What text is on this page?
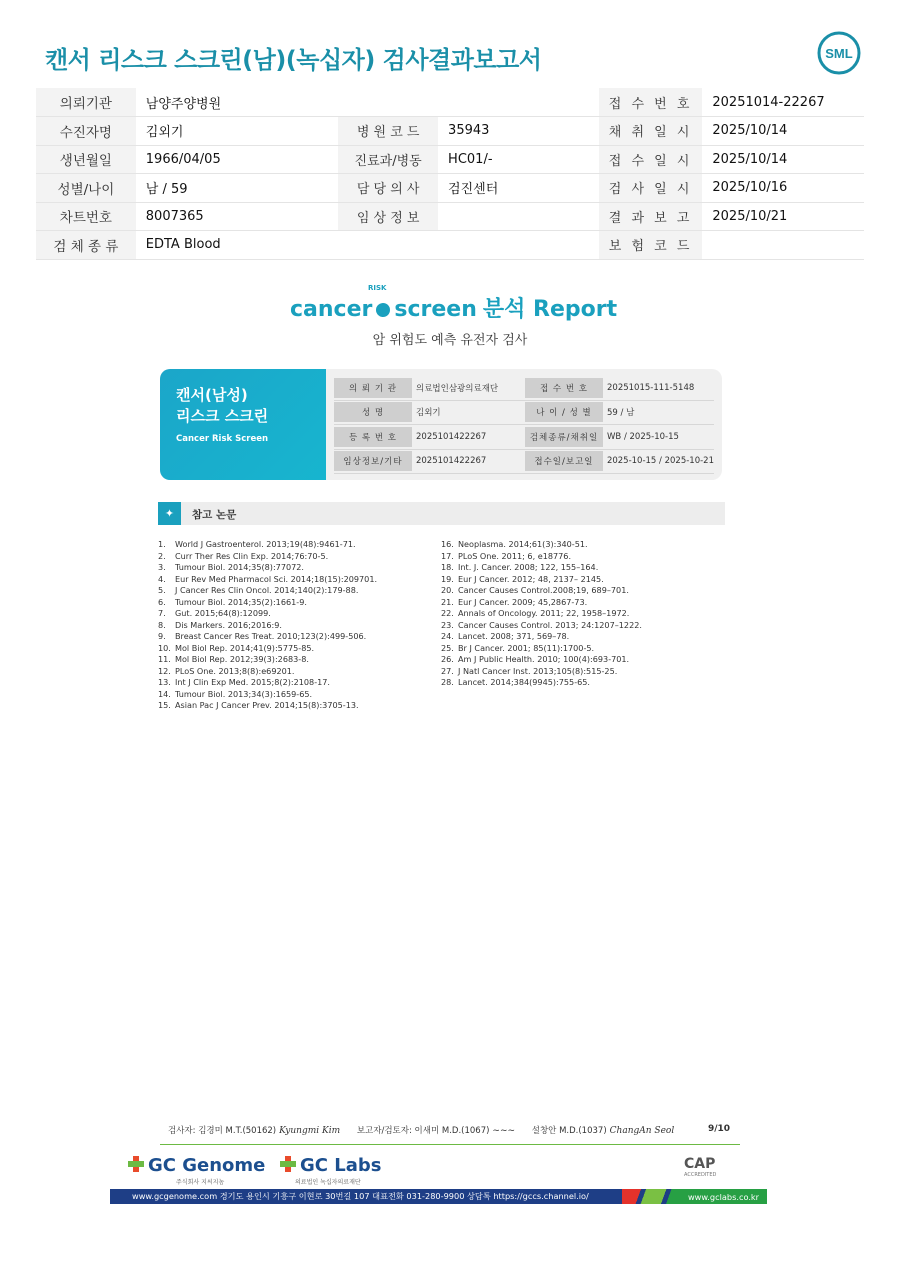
캔서 리스크 스크린(남)(녹십자) 검사결과보고서	SML
의뢰기관	남양주양병원			접 수 번 호	20251014-22267
수진자명	김외기	병 원 코 드	35943	채 취 일 시	2025/10/14
생년월일	1966/04/05	진료과/병동	HC01/-	접 수 일 시	2025/10/14
성별/나이	남 / 59	담 당 의 사	검진센터	검 사 일 시	2025/10/16
차트번호	8007365	임 상 정 보		결 과 보 고	2025/10/21
검 체 종 류	EDTA Blood			보 험 코 드	
cancer screen
RISK
분석 Report
암 위험도 예측 유전자 검사
캔서(남성)
리스크 스크린
Cancer Risk Screen
의 뢰 기 관	의료법인삼광의료재단	접 수 번 호	20251015-111-5148
성 명	김외기	나 이 / 성 별	59 / 남
등 록 번 호	2025101422267	검체종류/채취일	WB / 2025-10-15
임상정보/기타	2025101422267	접수일/보고일	2025-10-15 / 2025-10-21
✦	참고 논문
1. World J Gastroenterol. 2013;19(48):9461-71.
2. Curr Ther Res Clin Exp. 2014;76:70-5.
3. Tumour Biol. 2014;35(8):77072.
4. Eur Rev Med Pharmacol Sci. 2014;18(15):209701.
5. J Cancer Res Clin Oncol. 2014;140(2):179-88.
6. Tumour Biol. 2014;35(2):1661-9.
7. Gut. 2015;64(8):12099.
8. Dis Markers. 2016;2016:9.
9. Breast Cancer Res Treat. 2010;123(2):499-506.
10. Mol Biol Rep. 2014;41(9):5775-85.
11. Mol Biol Rep. 2012;39(3):2683-8.
12. PLoS One. 2013;8(8):e69201.
13. Int J Clin Exp Med. 2015;8(2):2108-17.
14. Tumour Biol. 2013;34(3):1659-65.
15. Asian Pac J Cancer Prev. 2014;15(8):3705-13.
16. Neoplasma. 2014;61(3):340-51.
17. PLoS One. 2011; 6, e18776.
18. Int. J. Cancer. 2008; 122, 155–164.
19. Eur J Cancer. 2012; 48, 2137– 2145.
20. Cancer Causes Control.2008;19, 689–701.
21. Eur J Cancer. 2009; 45,2867-73.
22. Annals of Oncology. 2011; 22, 1958–1972.
23. Cancer Causes Control. 2013; 24:1207–1222.
24. Lancet. 2008; 371, 569–78.
25. Br J Cancer. 2001; 85(11):1700-5.
26. Am J Public Health. 2010; 100(4):693-701.
27. J Natl Cancer Inst. 2013;105(8):515-25.
28. Lancet. 2014;384(9945):755-65.
검사자: 김경미 M.T.(50162) Kyungmi Kim 보고자/검토자: 이새미 M.D.(1067) ~~~ 설창안 M.D.(1037) ChangAn Seol	9/10
GC Genome
주식회사 지씨지놈
GC Labs
의료법인 녹십자의료재단
CAP
ACCREDITED
www.gcgenome.com 경기도 용인시 기흥구 이현로 30번길 107 대표전화 031-280-9900 상담톡 https://gccs.channel.io/	www.gclabs.co.kr
